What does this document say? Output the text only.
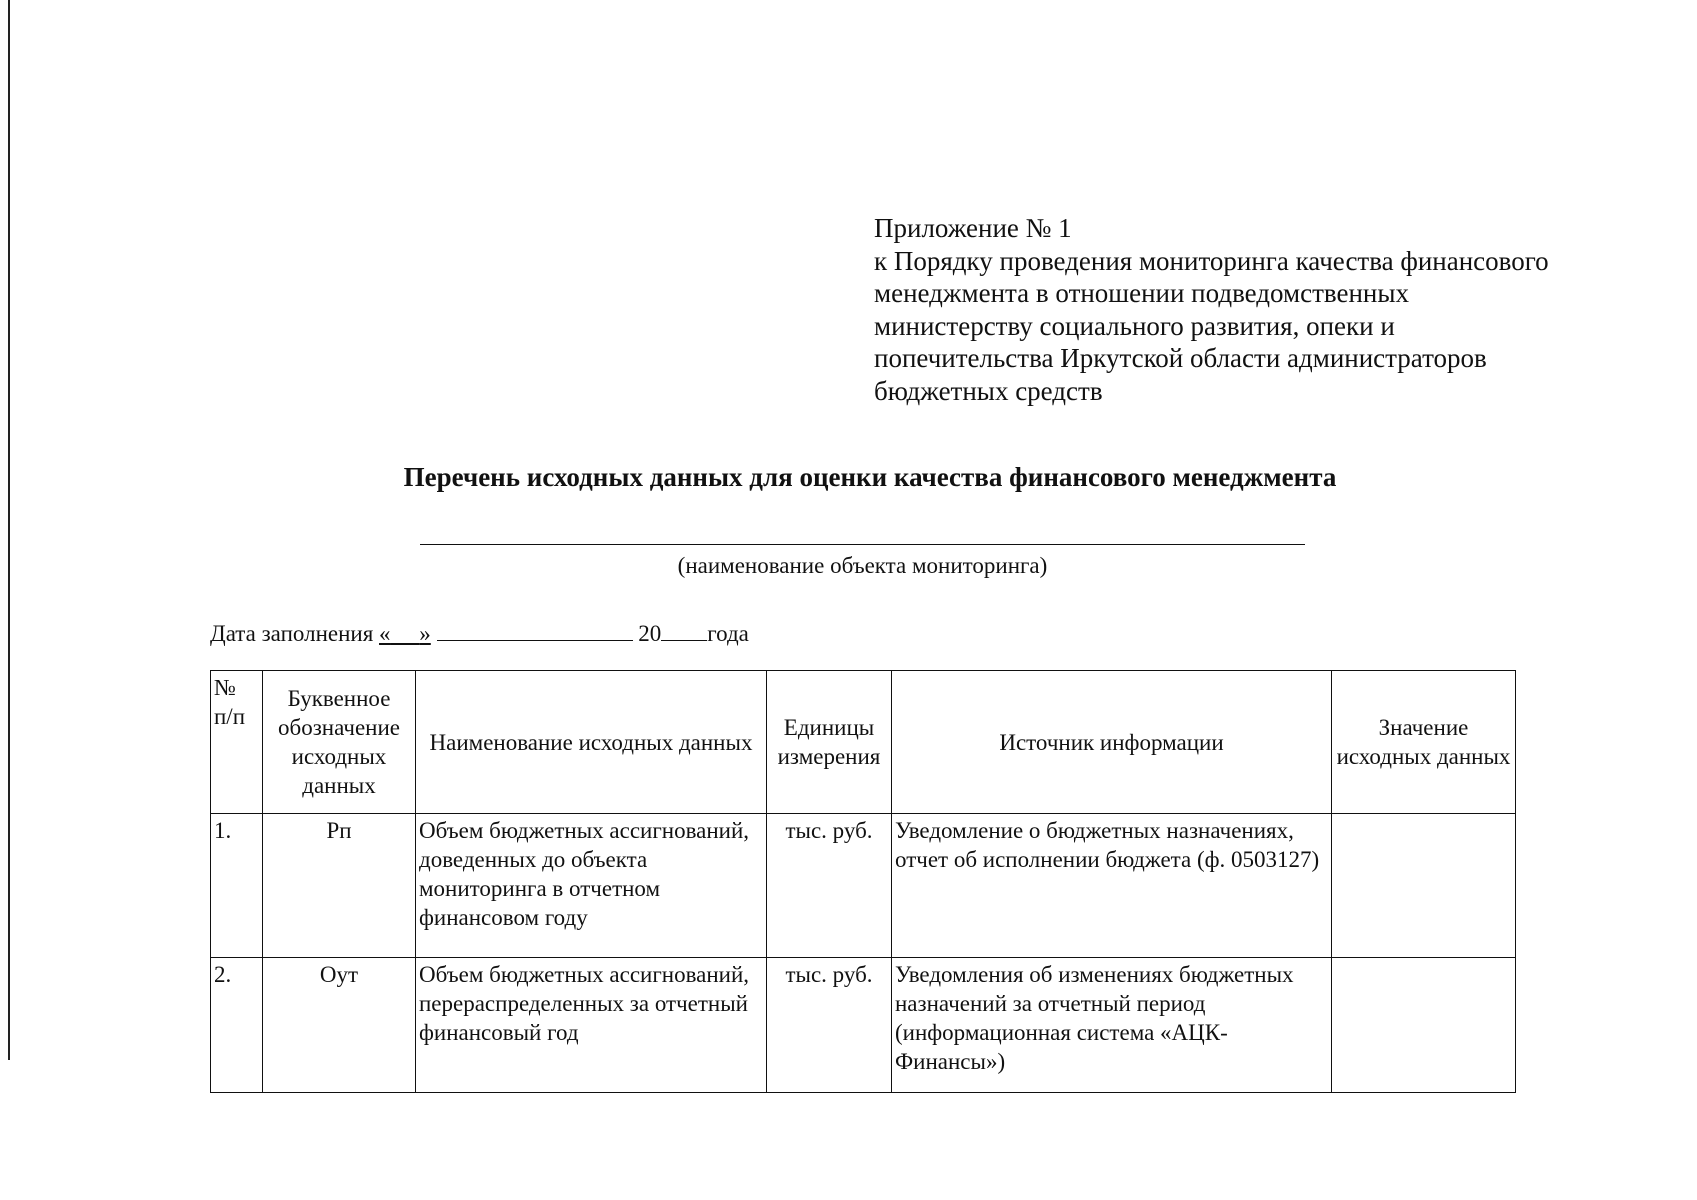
Приложение № 1
к Порядку проведения мониторинга качества финансового
менеджмента в отношении подведомственных
министерству социального развития, опеки и
попечительства Иркутской области администраторов
бюджетных средств
Перечень исходных данных для оценки качества финансового менеджмента
(наименование объекта мониторинга)
Дата заполнения « »	20 года
№ п/п	Буквенное обозначение исходных данных	Наименование исходных данных	Единицы измерения	Источник информации	Значение исходных данных
1.	Рп	Объем бюджетных ассигнований, доведенных до объекта мониторинга в отчетном финансовом году	тыс. руб.	Уведомление о бюджетных назначениях, отчет об исполнении бюджета (ф. 0503127)	
2.	Оут	Объем бюджетных ассигнований, перераспределенных за отчетный финансовый год	тыс. руб.	Уведомления об изменениях бюджетных назначений за отчетный период (информационная система «АЦК-Финансы»)	
